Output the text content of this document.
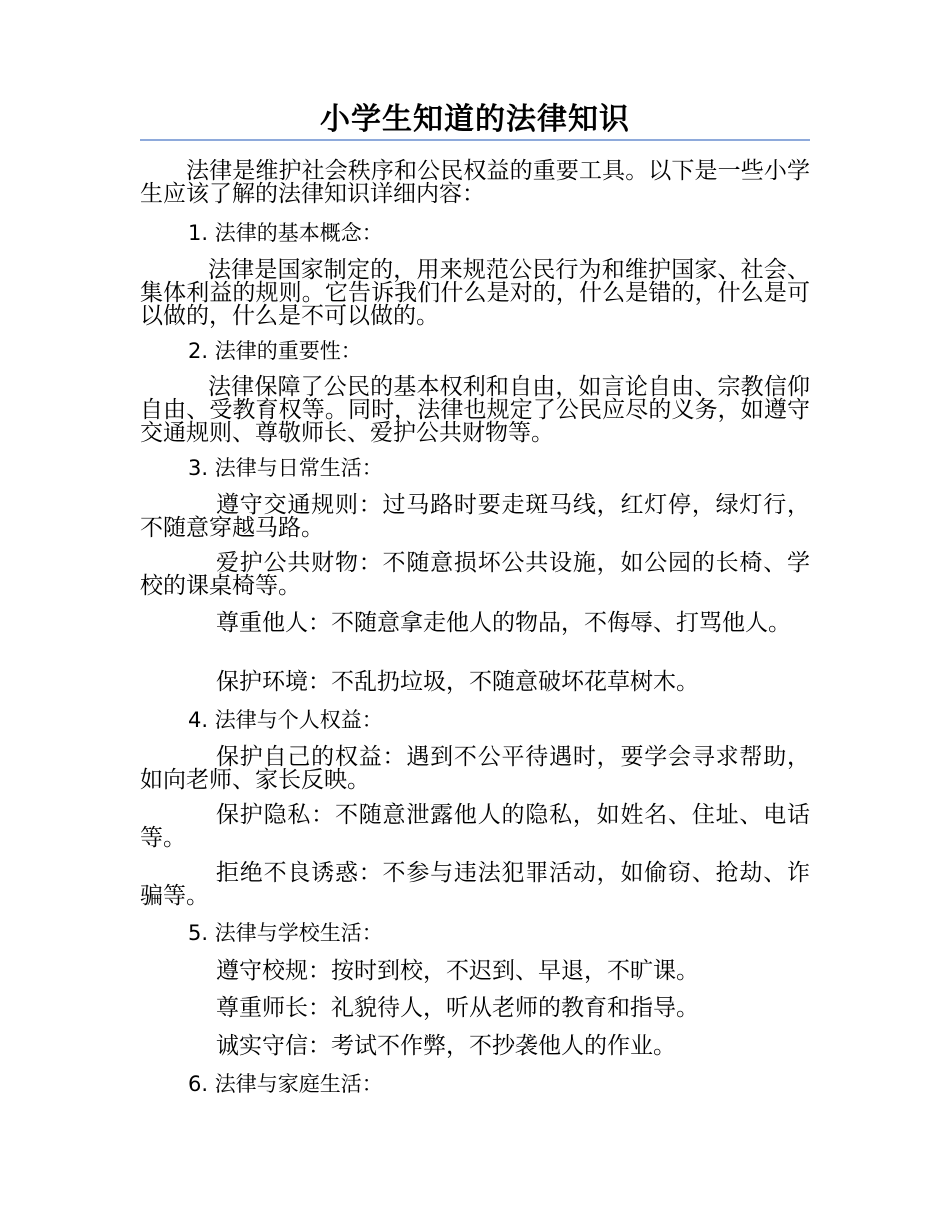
小学生知道的法律知识

法律是维护社会秩序和公民权益的重要工具。以下是一些小学生应该了解的法律知识详细内容：

1. 法律的基本概念：

法律是国家制定的，用来规范公民行为和维护国家、社会、集体利益的规则。它告诉我们什么是对的，什么是错的，什么是可以做的，什么是不可以做的。

2. 法律的重要性：

法律保障了公民的基本权利和自由，如言论自由、宗教信仰自由、受教育权等。同时，法律也规定了公民应尽的义务，如遵守交通规则、尊敬师长、爱护公共财物等。

3. 法律与日常生活：

遵守交通规则：过马路时要走斑马线，红灯停，绿灯行，不随意穿越马路。

爱护公共财物：不随意损坏公共设施，如公园的长椅、学校的课桌椅等。

尊重他人：不随意拿走他人的物品，不侮辱、打骂他人。

保护环境：不乱扔垃圾，不随意破坏花草树木。
4. 法律与个人权益：

保护自己的权益：遇到不公平待遇时，要学会寻求帮助，如向老师、家长反映。

保护隐私：不随意泄露他人的隐私，如姓名、住址、电话等。

拒绝不良诱惑：不参与违法犯罪活动，如偷窃、抢劫、诈骗等。

5. 法律与学校生活：
遵守校规：按时到校，不迟到、早退，不旷课。
尊重师长：礼貌待人，听从老师的教育和指导。
诚实守信：考试不作弊，不抄袭他人的作业。
6. 法律与家庭生活：
